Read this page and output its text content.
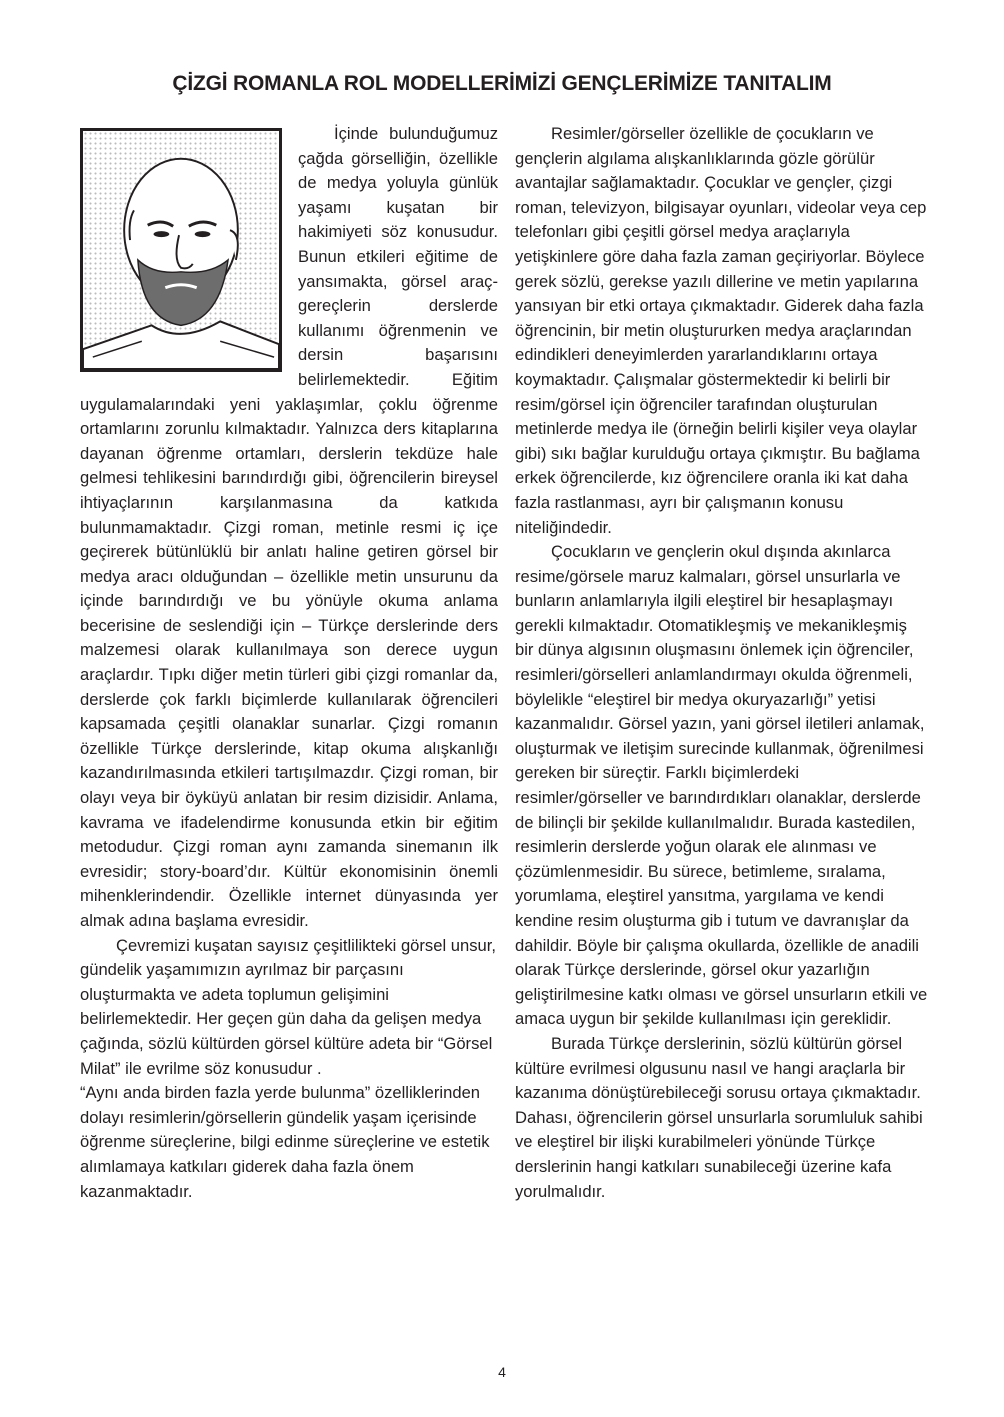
ÇİZGİ ROMANLA ROL MODELLERİMİZİ GENÇLERİMİZE TANITALIM

İçinde bulunduğumuz çağda görselliğin, özellikle de medya yoluyla günlük yaşamı kuşatan bir hakimiyeti söz konusudur. Bunun etkileri eğitime de yansımakta, görsel araç-gereçlerin derslerde kullanımı öğrenmenin ve dersin başarısını belirlemektedir. Eğitim uygulamalarındaki yeni yaklaşımlar, çoklu öğrenme ortamlarını zorunlu kılmaktadır. Yalnızca ders kitaplarına dayanan öğrenme ortamları, derslerin tekdüze hale gelmesi tehlikesini barındırdığı gibi, öğrencilerin bireysel ihtiyaçlarının karşılanmasına da katkıda bulunmamaktadır. Çizgi roman, metinle resmi iç içe geçirerek bütünlüklü bir anlatı haline getiren görsel bir medya aracı olduğundan – özellikle metin unsurunu da içinde barındırdığı ve bu yönüyle okuma anlama becerisine de seslendiği için – Türkçe derslerinde ders malzemesi olarak kullanılmaya son derece uygun araçlardır. Tıpkı diğer metin türleri gibi çizgi romanlar da, derslerde çok farklı biçimlerde kullanılarak öğrencileri kapsamada çeşitli olanaklar sunarlar. Çizgi romanın özellikle Türkçe derslerinde, kitap okuma alışkanlığı kazandırılmasında etkileri tartışılmazdır. Çizgi roman, bir olayı veya bir öyküyü anlatan bir resim dizisidir. Anlama, kavrama ve ifadelendirme konusunda etkin bir eğitim metodudur. Çizgi roman aynı zamanda sinemanın ilk evresidir; story-board’dır. Kültür ekonomisinin önemli mihenklerindendir. Özellikle internet dünyasında yer almak adına başlama evresidir.

Çevremizi kuşatan sayısız çeşitlilikteki görsel unsur, gündelik yaşamımızın ayrılmaz bir parçasını oluşturmakta ve adeta toplumun gelişimini belirlemektedir. Her geçen gün daha da gelişen medya çağında, sözlü kültürden görsel kültüre adeta bir “Görsel Milat” ile evrilme söz konusudur .

“Aynı anda birden fazla yerde bulunma” özelliklerinden dolayı resimlerin/görsellerin gündelik yaşam içerisinde öğrenme süreçlerine, bilgi edinme süreçlerine ve estetik alımlamaya katkıları giderek daha fazla önem kazanmaktadır.

Resimler/görseller özellikle de çocukların ve gençlerin algılama alışkanlıklarında gözle görülür avantajlar sağlamaktadır. Çocuklar ve gençler, çizgi roman, televizyon, bilgisayar oyunları, videolar veya cep telefonları gibi çeşitli görsel medya araçlarıyla yetişkinlere göre daha fazla zaman geçiriyorlar. Böylece gerek sözlü, gerekse yazılı dillerine ve metin yapılarına yansıyan bir etki ortaya çıkmaktadır. Giderek daha fazla öğrencinin, bir metin oluştururken medya araçlarından edindikleri deneyimlerden yararlandıklarını ortaya koymaktadır. Çalışmalar göstermektedir ki belirli bir resim/görsel için öğrenciler tarafından oluşturulan metinlerde medya ile (örneğin belirli kişiler veya olaylar gibi) sıkı bağlar kurulduğu ortaya çıkmıştır. Bu bağlama erkek öğrencilerde, kız öğrencilere oranla iki kat daha fazla rastlanması, ayrı bir çalışmanın konusu niteliğindedir.

Çocukların ve gençlerin okul dışında akınlarca resime/görsele maruz kalmaları, görsel unsurlarla ve bunların anlamlarıyla ilgili eleştirel bir hesaplaşmayı gerekli kılmaktadır. Otomatikleşmiş ve mekanikleşmiş bir dünya algısının oluşmasını önlemek için öğrenciler, resimleri/görselleri anlamlandırmayı okulda öğrenmeli, böylelikle “eleştirel bir medya okuryazarlığı” yetisi kazanmalıdır. Görsel yazın, yani görsel iletileri anlamak, oluşturmak ve iletişim surecinde kullanmak, öğrenilmesi gereken bir süreçtir. Farklı biçimlerdeki resimler/görseller ve barındırdıkları olanaklar, derslerde de bilinçli bir şekilde kullanılmalıdır. Burada kastedilen, resimlerin derslerde yoğun olarak ele alınması ve çözümlenmesidir. Bu sürece, betimleme, sıralama, yorumlama, eleştirel yansıtma, yargılama ve kendi kendine resim oluşturma gib i tutum ve davranışlar da dahildir. Böyle bir çalışma okullarda, özellikle de anadili olarak Türkçe derslerinde, görsel okur yazarlığın geliştirilmesine katkı olması ve görsel unsurların etkili ve amaca uygun bir şekilde kullanılması için gereklidir.

Burada Türkçe derslerinin, sözlü kültürün görsel kültüre evrilmesi olgusunu nasıl ve hangi araçlarla bir kazanıma dönüştürebileceği sorusu ortaya çıkmaktadır. Dahası, öğrencilerin görsel unsurlarla sorumluluk sahibi ve eleştirel bir ilişki kurabilmeleri yönünde Türkçe derslerinin hangi katkıları sunabileceği üzerine kafa yorulmalıdır.

4
